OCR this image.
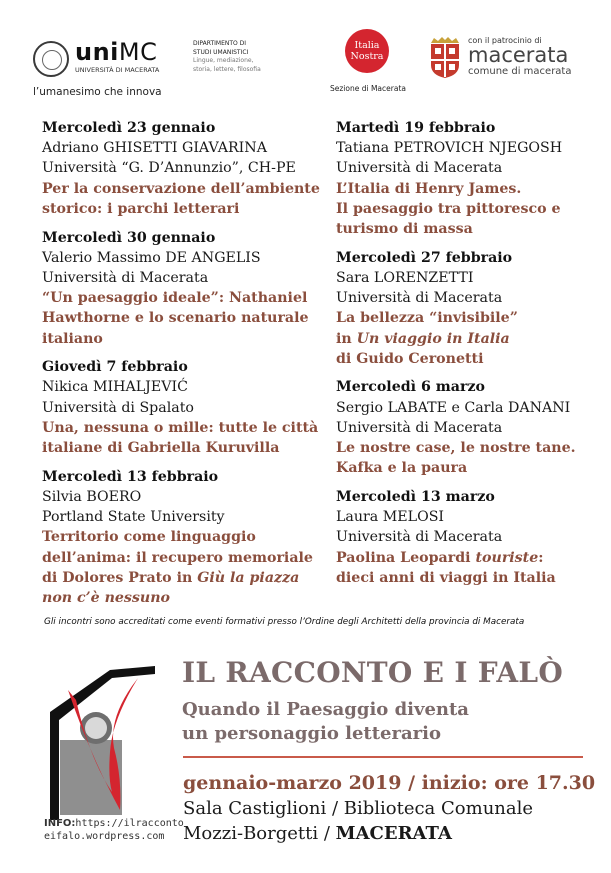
uniMC
UNIVERSITÀ DI MACERATA
l’umanesimo che innova
DIPARTIMENTO DI
STUDI UMANISTICI
Lingue, mediazione,
storia, lettere, filosofia
Italia
Nostra
Sezione di Macerata
con il patrocinio di
macerata
comune di macerata
Mercoledì 23 gennaio
Adriano GHISETTI GIAVARINA
Università “G. D’Annunzio”, CH-PE
Per la conservazione dell’ambiente
storico: i parchi letterari
Mercoledì 30 gennaio
Valerio Massimo DE ANGELIS
Università di Macerata
“Un paesaggio ideale”: Nathaniel
Hawthorne e lo scenario naturale
italiano
Giovedì 7 febbraio
Nikica MIHALJEVIĆ
Università di Spalato
Una, nessuna o mille: tutte le città
italiane di Gabriella Kuruvilla
Mercoledì 13 febbraio
Silvia BOERO
Portland State University
Territorio come linguaggio
dell’anima: il recupero memoriale
di Dolores Prato in Giù la piazza
non c’è nessuno
Martedì 19 febbraio
Tatiana PETROVICH NJEGOSH
Università di Macerata
L’Italia di Henry James.
Il paesaggio tra pittoresco e
turismo di massa
Mercoledì 27 febbraio
Sara LORENZETTI
Università di Macerata
La bellezza “invisibile”
in Un viaggio in Italia
di Guido Ceronetti
Mercoledì 6 marzo
Sergio LABATE e Carla DANANI
Università di Macerata
Le nostre case, le nostre tane.
Kafka e la paura
Mercoledì 13 marzo
Laura MELOSI
Università di Macerata
Paolina Leopardi touriste:
dieci anni di viaggi in Italia
Gli incontri sono accreditati come eventi formativi presso l’Ordine degli Architetti della provincia di Macerata
IL RACCONTO E I FALÒ
Quando il Paesaggio diventa
un personaggio letterario
gennaio-marzo 2019 / inizio: ore 17.30
Sala Castiglioni / Biblioteca Comunale
Mozzi-Borgetti / MACERATA
INFO:https://ilracconto
eifalo.wordpress.com
